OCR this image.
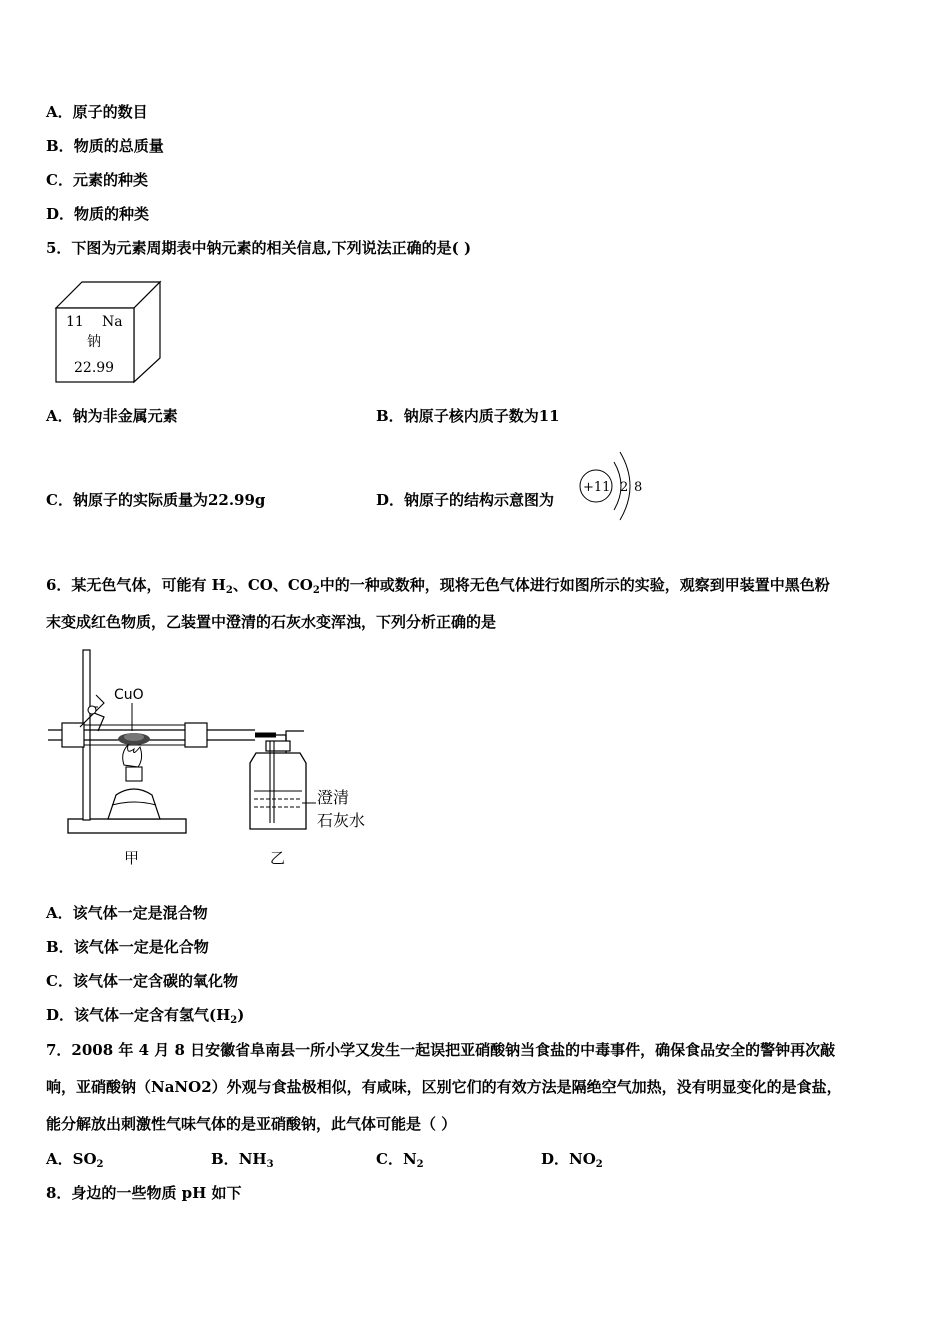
A．原子的数目
B．物质的总质量
C．元素的种类
D．物质的种类
5．下图为元素周期表中钠元素的相关信息,下列说法正确的是( )
11 Na
钠
22.99
A．钠为非金属元素	B．钠原子核内质子数为11
C．钠原子的实际质量为22.99g	D．钠原子的结构示意图为
+11 2 8
6．某无色气体，可能有 $H_2$、CO、$CO_2$中的一种或数种，现将无色气体进行如图所示的实验，观察到甲装置中黑色粉
末变成红色物质，乙装置中澄清的石灰水变浑浊，下列分析正确的是
CuO
澄清
石灰水
甲	乙
A．该气体一定是混合物
B．该气体一定是化合物
C．该气体一定含碳的氧化物
D．该气体一定含有氢气$(H_2)$
7．2008 年 4 月 8 日安徽省阜南县一所小学又发生一起误把亚硝酸钠当食盐的中毒事件，确保食品安全的警钟再次敲
响，亚硝酸钠（NaNO2）外观与食盐极相似，有咸味，区别它们的有效方法是隔绝空气加热，没有明显变化的是食盐，
能分解放出刺激性气味气体的是亚硝酸钠，此气体可能是（ ）
A．$SO_2$	B．$NH_3$	C．$N_2$	D．$NO_2$
8．身边的一些物质 pH 如下
